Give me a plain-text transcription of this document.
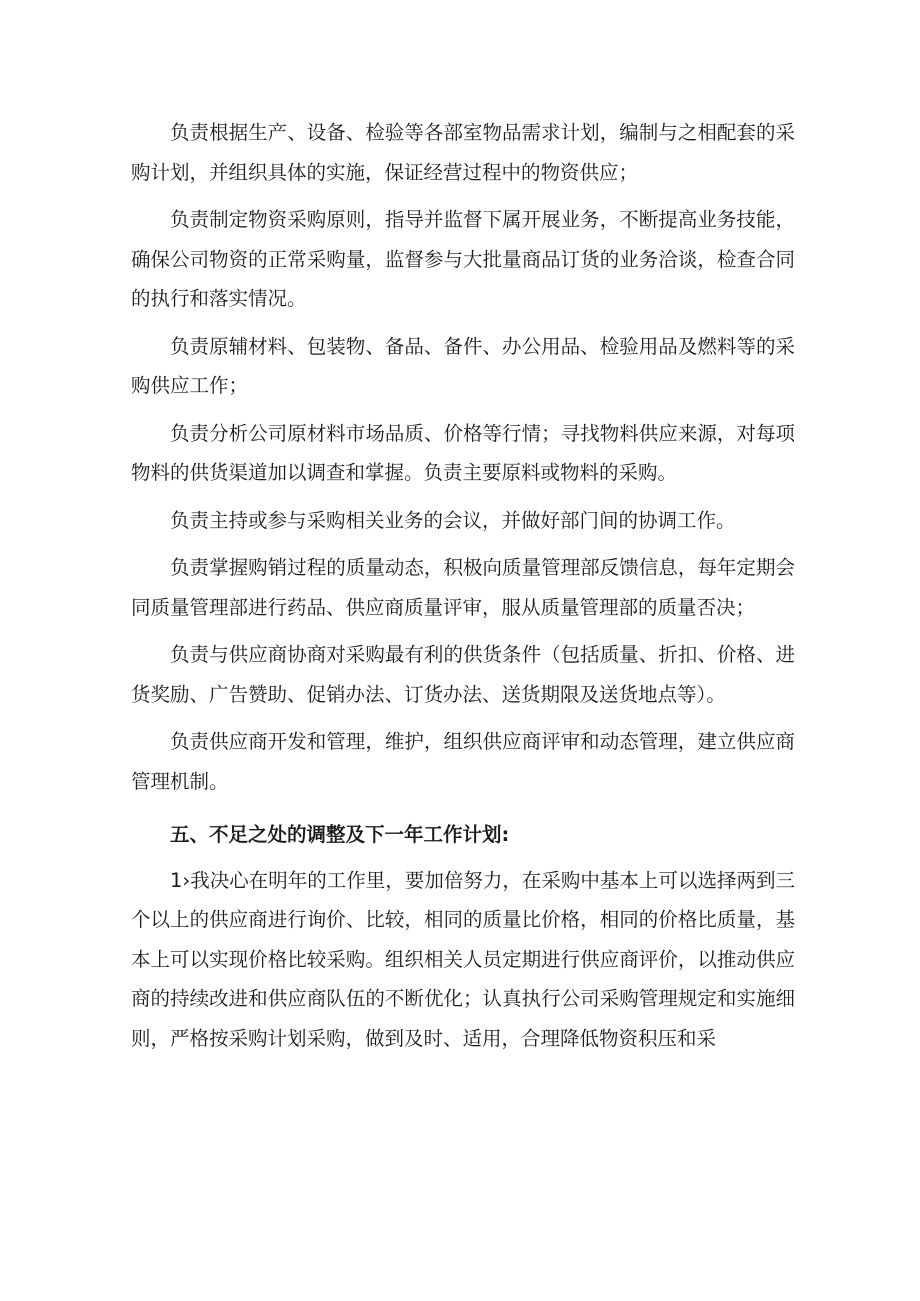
负责根据生产、设备、检验等各部室物品需求计划，编制与之相配套的采购计划，并组织具体的实施，保证经营过程中的物资供应；

负责制定物资采购原则，指导并监督下属开展业务，不断提高业务技能，确保公司物资的正常采购量，监督参与大批量商品订货的业务洽谈，检查合同的执行和落实情况。

负责原辅材料、包装物、备品、备件、办公用品、检验用品及燃料等的采购供应工作；

负责分析公司原材料市场品质、价格等行情；寻找物料供应来源，对每项物料的供货渠道加以调查和掌握。负责主要原料或物料的采购。

负责主持或参与采购相关业务的会议，并做好部门间的协调工作。

负责掌握购销过程的质量动态，积极向质量管理部反馈信息，每年定期会同质量管理部进行药品、供应商质量评审，服从质量管理部的质量否决；

负责与供应商协商对采购最有利的供货条件（包括质量、折扣、价格、进货奖励、广告赞助、促销办法、订货办法、送货期限及送货地点等）。

负责供应商开发和管理，维护，组织供应商评审和动态管理，建立供应商管理机制。

五、不足之处的调整及下一年工作计划:

1›我决心在明年的工作里，要加倍努力，在采购中基本上可以选择两到三个以上的供应商进行询价、比较，相同的质量比价格，相同的价格比质量，基本上可以实现价格比较采购。组织相关人员定期进行供应商评价，以推动供应商的持续改进和供应商队伍的不断优化；认真执行公司采购管理规定和实施细则，严格按采购计划采购，做到及时、适用，合理降低物资积压和采
